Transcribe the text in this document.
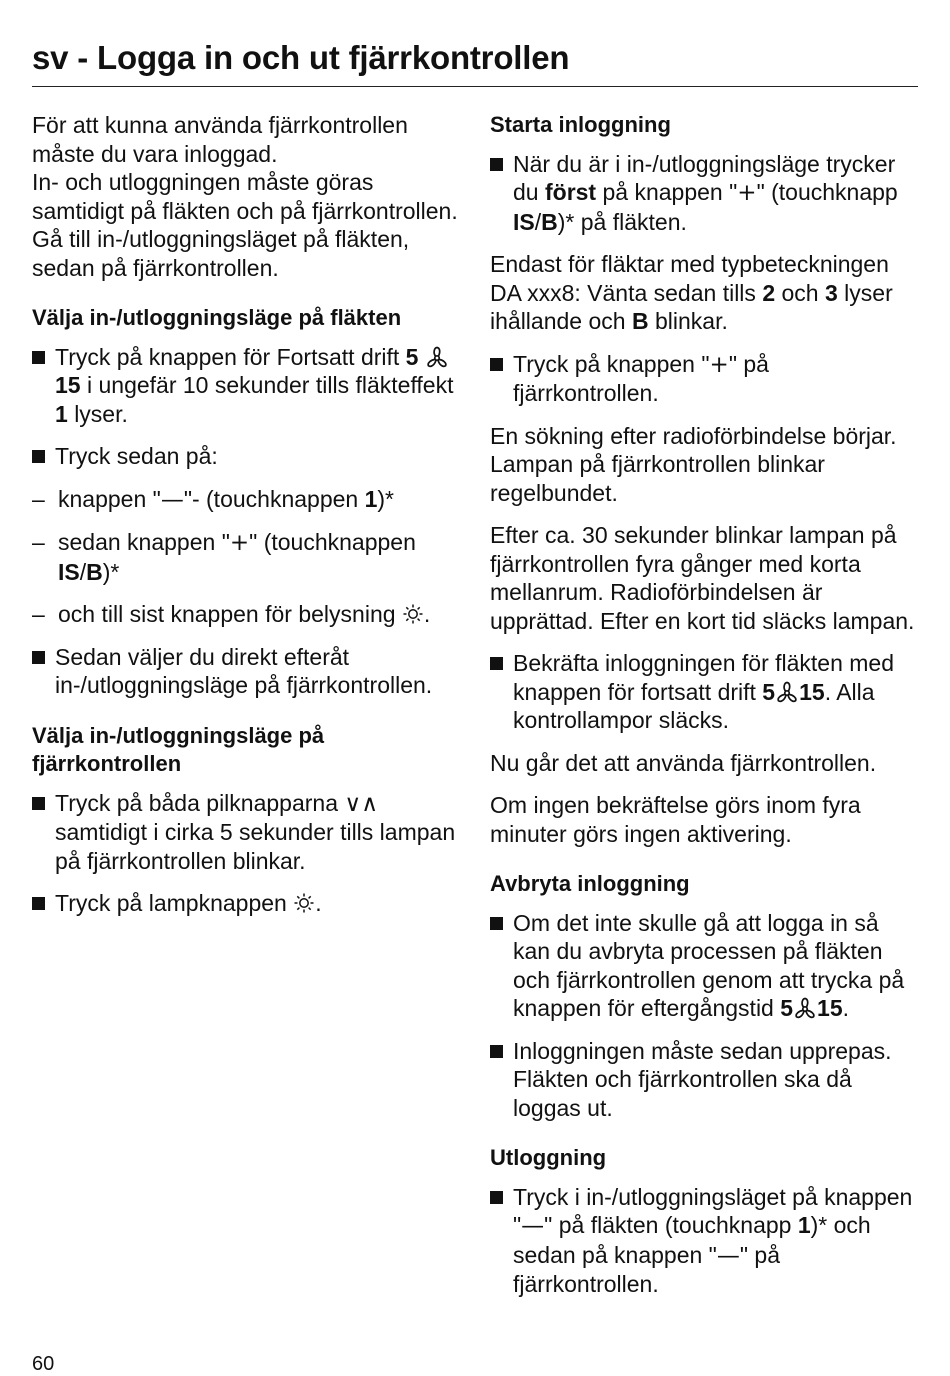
sv - Logga in och ut fjärrkontrollen

För att kunna använda fjärrkontrollen måste du vara inloggad.

In- och utloggningen måste göras samtidigt på fläkten och på fjärrkontrollen. Gå till in-/utloggningsläget på fläkten, sedan på fjärrkontrollen.

Välja in-/utloggningsläge på fläkten
Tryck på knappen för Fortsatt drift 5 15 i ungefär 10 sekunder tills fläkteffekt 1 lyser.
Tryck sedan på:
– knappen "—"- (touchknappen 1)*
– sedan knappen "+" (touchknappen IS/B)*
– och till sist knappen för belysning .
Sedan väljer du direkt efteråt in-/utloggningsläge på fjärrkontrollen.
Välja in-/utloggningsläge på fjärrkontrollen
Tryck på båda pilknapparna ∨∧ samtidigt i cirka 5 sekunder tills lampan på fjärrkontrollen blinkar.
Tryck på lampknappen .
Starta inloggning
När du är i in-/utloggningsläge trycker du först på knappen "+" (touchknapp IS/B)* på fläkten.

Endast för fläktar med typbeteckningen DA xxx8: Vänta sedan tills 2 och 3 lyser ihållande och B blinkar.

Tryck på knappen "+" på fjärrkontrollen.

En sökning efter radioförbindelse börjar. Lampan på fjärrkontrollen blinkar regelbundet.

Efter ca. 30 sekunder blinkar lampan på fjärrkontrollen fyra gånger med korta mellanrum. Radioförbindelsen är upprättad. Efter en kort tid släcks lampan.

Bekräfta inloggningen för fläkten med knappen för fortsatt drift 5 15. Alla kontrollampor släcks.

Nu går det att använda fjärrkontrollen.

Om ingen bekräftelse görs inom fyra minuter görs ingen aktivering.

Avbryta inloggning
Om det inte skulle gå att logga in så kan du avbryta processen på fläkten och fjärrkontrollen genom att trycka på knappen för eftergångstid 5 15.
Inloggningen måste sedan upprepas. Fläkten och fjärrkontrollen ska då loggas ut.
Utloggning
Tryck i in-/utloggningsläget på knappen "—" på fläkten (touchknapp 1)* och sedan på knappen "—" på fjärrkontrollen.
60
